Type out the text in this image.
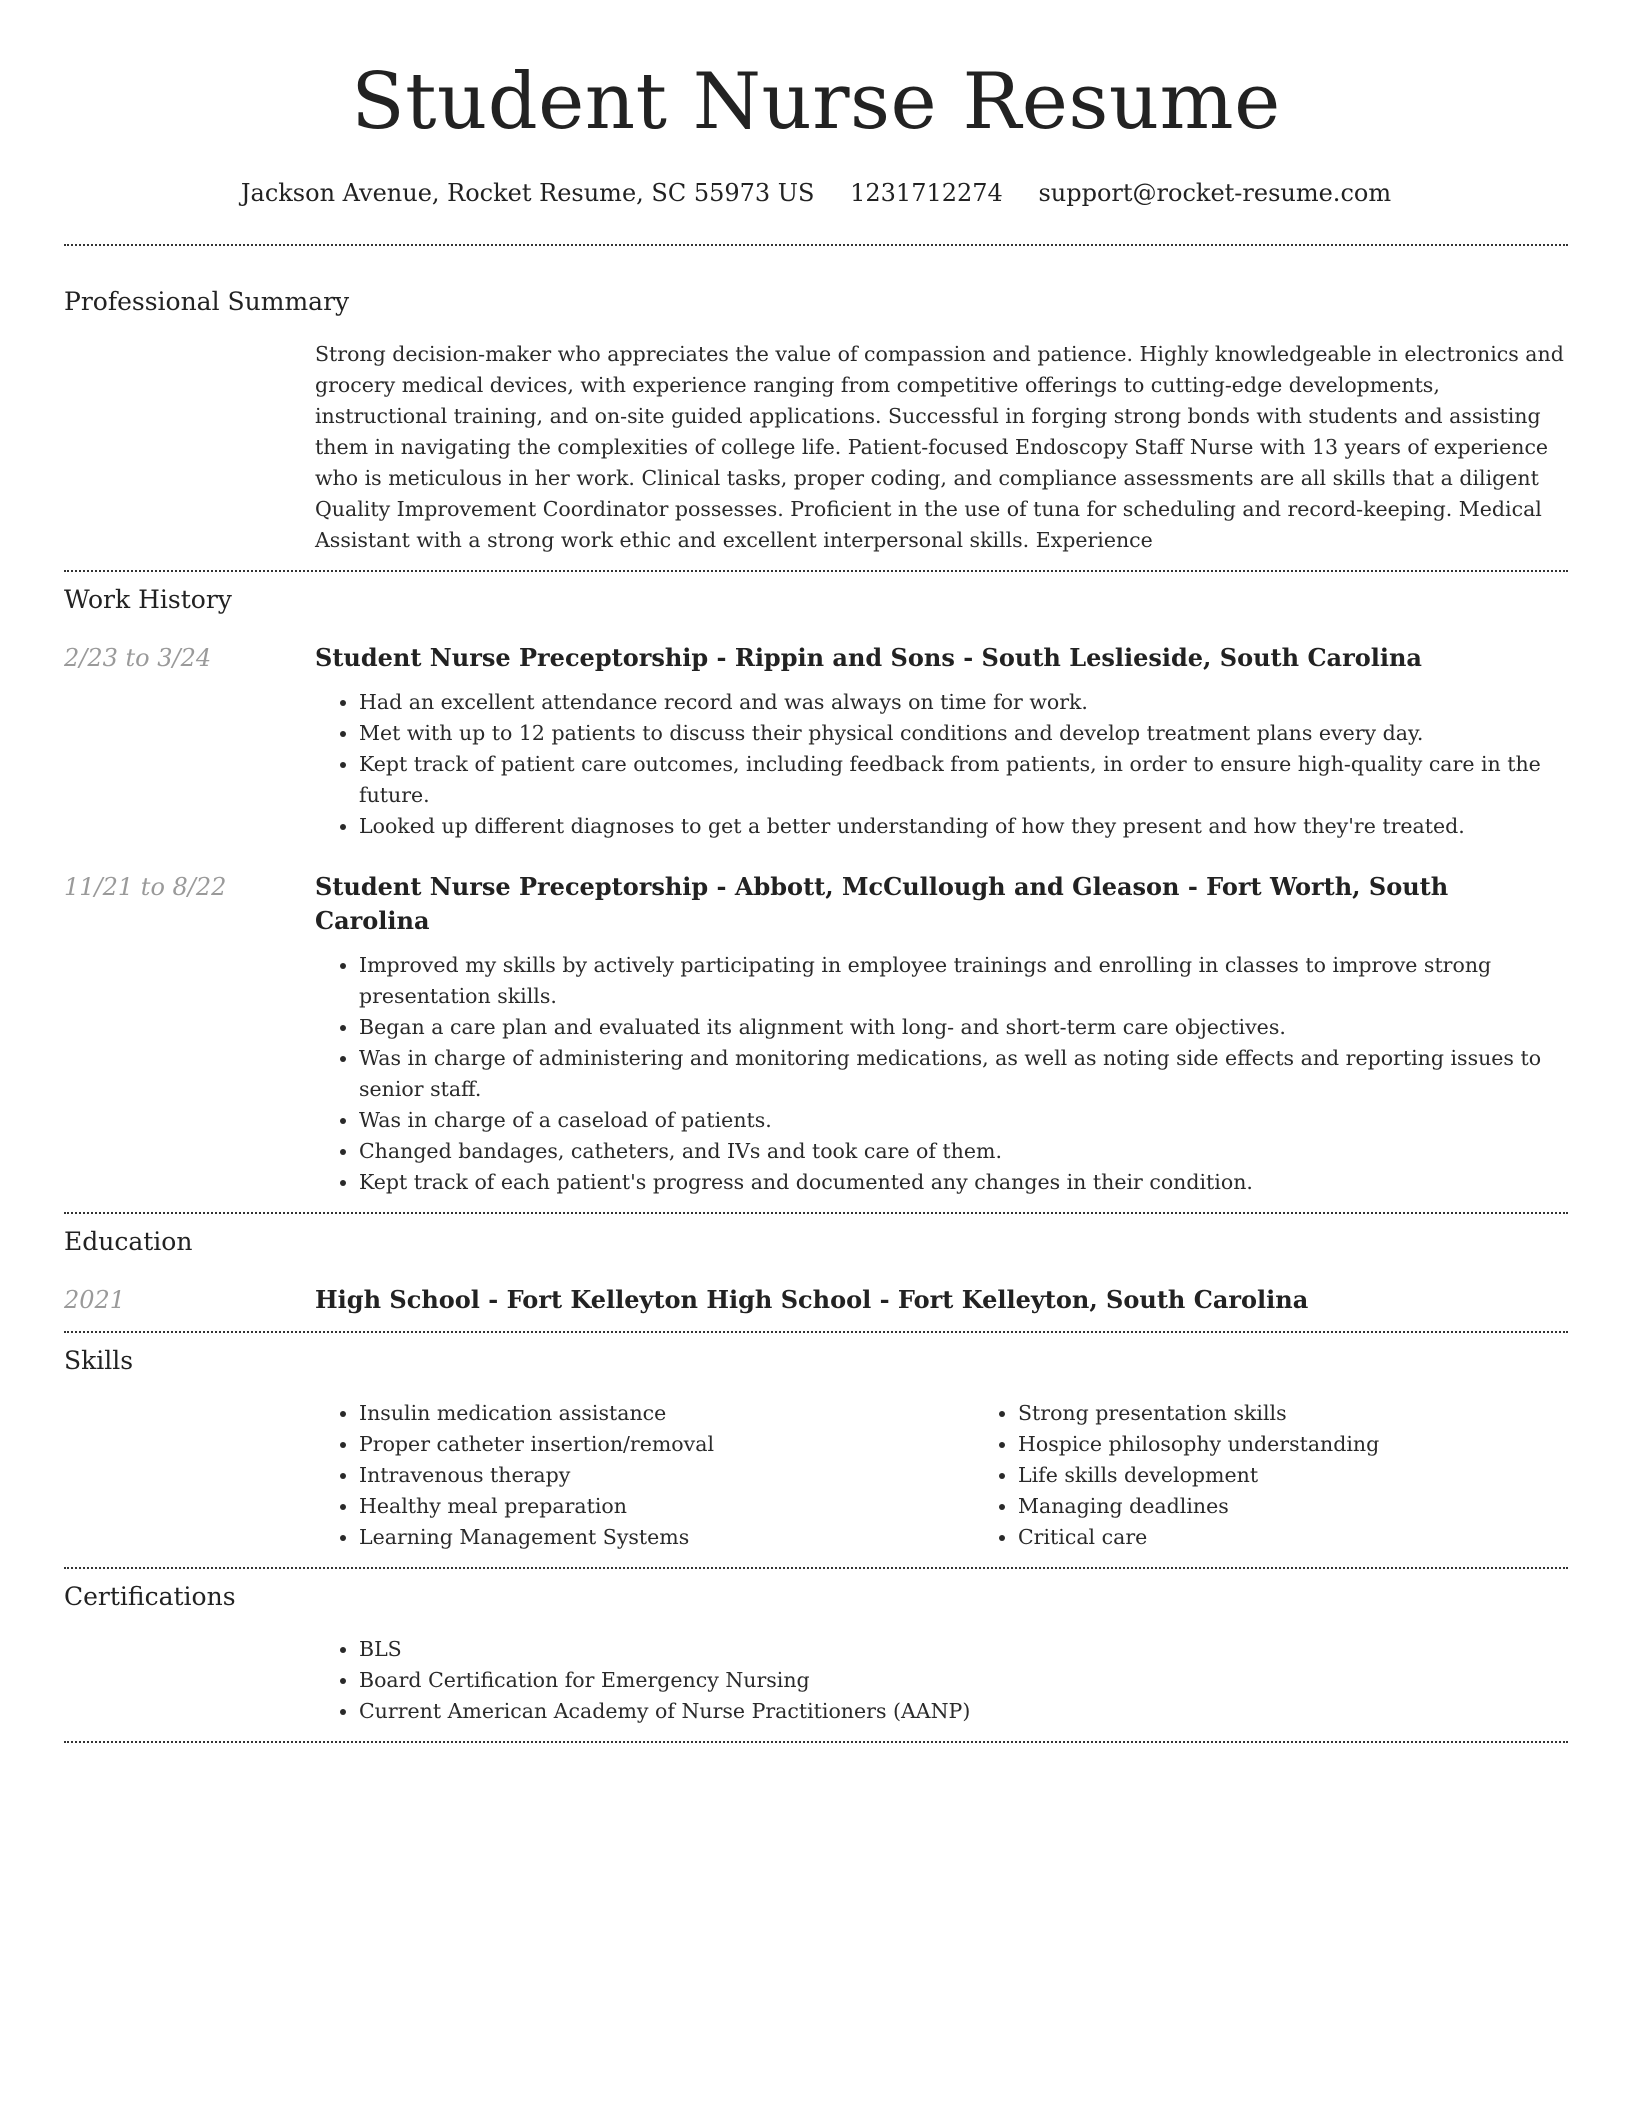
Student Nurse Resume
Jackson Avenue, Rocket Resume, SC 55973 US 1231712274 support@rocket-resume.com
Professional Summary

Strong decision-maker who appreciates the value of compassion and patience. Highly knowledgeable in electronics and grocery medical devices, with experience ranging from competitive offerings to cutting-edge developments, instructional training, and on-site guided applications. Successful in forging strong bonds with students and assisting them in navigating the complexities of college life. Patient-focused Endoscopy Staff Nurse with 13 years of experience who is meticulous in her work. Clinical tasks, proper coding, and compliance assessments are all skills that a diligent Quality Improvement Coordinator possesses. Proficient in the use of tuna for scheduling and record-keeping. Medical Assistant with a strong work ethic and excellent interpersonal skills. Experience

Work History
2/23 to 3/24	Student Nurse Preceptorship - Rippin and Sons - South Leslieside, South Carolina
• Had an excellent attendance record and was always on time for work.
• Met with up to 12 patients to discuss their physical conditions and develop treatment plans every day.
• Kept track of patient care outcomes, including feedback from patients, in order to ensure high-quality care in the future.
• Looked up different diagnoses to get a better understanding of how they present and how they're treated.
11/21 to 8/22	Student Nurse Preceptorship - Abbott, McCullough and Gleason - Fort Worth, South Carolina
• Improved my skills by actively participating in employee trainings and enrolling in classes to improve strong presentation skills.
• Began a care plan and evaluated its alignment with long- and short-term care objectives.
• Was in charge of administering and monitoring medications, as well as noting side effects and reporting issues to senior staff.
• Was in charge of a caseload of patients.
• Changed bandages, catheters, and IVs and took care of them.
• Kept track of each patient's progress and documented any changes in their condition.
Education
2021	High School - Fort Kelleyton High School - Fort Kelleyton, South Carolina
Skills
• Insulin medication assistance
• Proper catheter insertion/removal
• Intravenous therapy
• Healthy meal preparation
• Learning Management Systems
• Strong presentation skills
• Hospice philosophy understanding
• Life skills development
• Managing deadlines
• Critical care
Certifications
• BLS
• Board Certification for Emergency Nursing
• Current American Academy of Nurse Practitioners (AANP)
